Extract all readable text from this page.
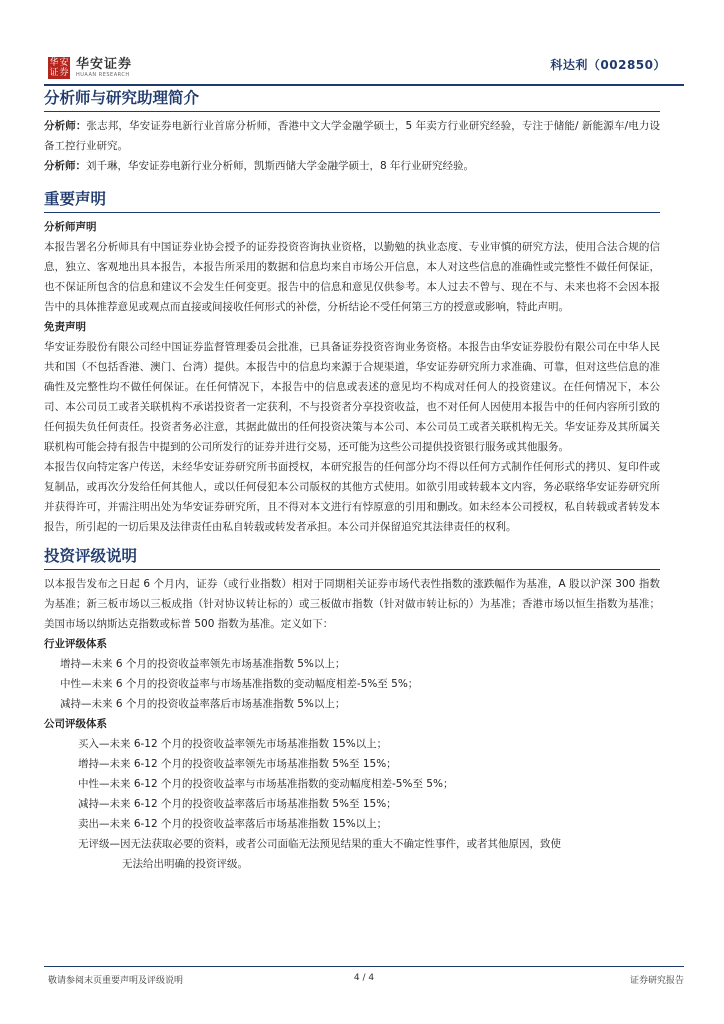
华 安
证 券
华安证券
HUAAN RESEARCH
科达利（002850）
分析师与研究助理简介

分析师：张志邦，华安证券电新行业首席分析师，香港中文大学金融学硕士，5 年卖方行业研究经验，专注于储能/ 新能源车/电力设备工控行业研究。

分析师：刘千琳，华安证券电新行业分析师，凯斯西储大学金融学硕士，8 年行业研究经验。

重要声明
分析师声明

本报告署名分析师具有中国证券业协会授予的证券投资咨询执业资格，以勤勉的执业态度、专业审慎的研究方法，使用合法合规的信息，独立、客观地出具本报告，本报告所采用的数据和信息均来自市场公开信息，本人对这些信息的准确性或完整性不做任何保证，也不保证所包含的信息和建议不会发生任何变更。报告中的信息和意见仅供参考。本人过去不曾与、现在不与、未来也将不会因本报告中的具体推荐意见或观点而直接或间接收任何形式的补偿，分析结论不受任何第三方的授意或影响，特此声明。

免责声明

华安证券股份有限公司经中国证券监督管理委员会批准，已具备证券投资咨询业务资格。本报告由华安证券股份有限公司在中华人民共和国（不包括香港、澳门、台湾）提供。本报告中的信息均来源于合规渠道，华安证券研究所力求准确、可靠，但对这些信息的准确性及完整性均不做任何保证。在任何情况下，本报告中的信息或表述的意见均不构成对任何人的投资建议。在任何情况下，本公司、本公司员工或者关联机构不承诺投资者一定获利，不与投资者分享投资收益，也不对任何人因使用本报告中的任何内容所引致的任何损失负任何责任。投资者务必注意，其据此做出的任何投资决策与本公司、本公司员工或者关联机构无关。华安证券及其所属关联机构可能会持有报告中提到的公司所发行的证券并进行交易，还可能为这些公司提供投资银行服务或其他服务。

本报告仅向特定客户传送，未经华安证券研究所书面授权，本研究报告的任何部分均不得以任何方式制作任何形式的拷贝、复印件或复制品，或再次分发给任何其他人，或以任何侵犯本公司版权的其他方式使用。如欲引用或转载本文内容，务必联络华安证券研究所并获得许可，并需注明出处为华安证券研究所，且不得对本文进行有悖原意的引用和删改。如未经本公司授权，私自转载或者转发本报告，所引起的一切后果及法律责任由私自转载或转发者承担。本公司并保留追究其法律责任的权利。

投资评级说明

以本报告发布之日起 6 个月内，证券（或行业指数）相对于同期相关证券市场代表性指数的涨跌幅作为基准，A 股以沪深 300 指数为基准；新三板市场以三板成指（针对协议转让标的）或三板做市指数（针对做市转让标的）为基准；香港市场以恒生指数为基准；美国市场以纳斯达克指数或标普 500 指数为基准。定义如下：

行业评级体系
增持—未来 6 个月的投资收益率领先市场基准指数 5%以上；
中性—未来 6 个月的投资收益率与市场基准指数的变动幅度相差-5%至 5%；
减持—未来 6 个月的投资收益率落后市场基准指数 5%以上；
公司评级体系
买入—未来 6-12 个月的投资收益率领先市场基准指数 15%以上；
增持—未来 6-12 个月的投资收益率领先市场基准指数 5%至 15%；
中性—未来 6-12 个月的投资收益率与市场基准指数的变动幅度相差-5%至 5%；
减持—未来 6-12 个月的投资收益率落后市场基准指数 5%至 15%；
卖出—未来 6-12 个月的投资收益率落后市场基准指数 15%以上；
无评级—因无法获取必要的资料，或者公司面临无法预见结果的重大不确定性事件，或者其他原因，致使
无法给出明确的投资评级。
敬请参阅末页重要声明及评级说明	4 / 4	证券研究报告
